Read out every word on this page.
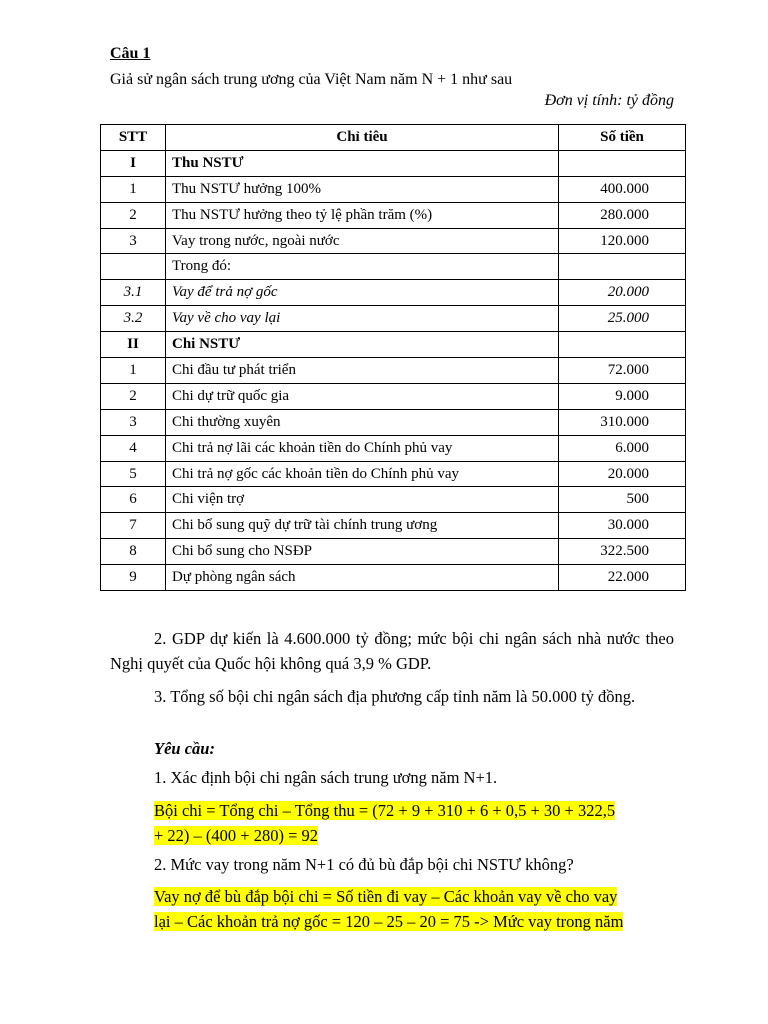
Câu 1
Giả sử ngân sách trung ương của Việt Nam năm N + 1 như sau
Đơn vị tính: tỷ đồng
STT	Chỉ tiêu	Số tiền
I	Thu NSTƯ	
1	Thu NSTƯ hưởng 100%	400.000
2	Thu NSTƯ hưởng theo tỷ lệ phần trăm (%)	280.000
3	Vay trong nước, ngoài nước	120.000
	Trong đó:	
3.1	Vay để trả nợ gốc	20.000
3.2	Vay về cho vay lại	25.000
II	Chi NSTƯ	
1	Chi đầu tư phát triển	72.000
2	Chi dự trữ quốc gia	9.000
3	Chi thường xuyên	310.000
4	Chi trả nợ lãi các khoản tiền do Chính phủ vay	6.000
5	Chi trả nợ gốc các khoản tiền do Chính phủ vay	20.000
6	Chi viện trợ	500
7	Chi bổ sung quỹ dự trữ tài chính trung ương	30.000
8	Chi bổ sung cho NSĐP	322.500
9	Dự phòng ngân sách	22.000
2. GDP dự kiến là 4.600.000 tỷ đồng; mức bội chi ngân sách nhà nước theo Nghị quyết của Quốc hội không quá 3,9 % GDP.
3. Tổng số bội chi ngân sách địa phương cấp tỉnh năm là 50.000 tỷ đồng.
Yêu cầu:
1. Xác định bội chi ngân sách trung ương năm N+1.
Bội chi = Tổng chi – Tổng thu = (72 + 9 + 310 + 6 + 0,5 + 30 + 322,5
+ 22) – (400 + 280) = 92
2. Mức vay trong năm N+1 có đủ bù đắp bội chi NSTƯ không?
Vay nợ để bù đắp bội chi = Số tiền đi vay – Các khoản vay về cho vay
lại – Các khoản trả nợ gốc = 120 – 25 – 20 = 75 -> Mức vay trong năm
